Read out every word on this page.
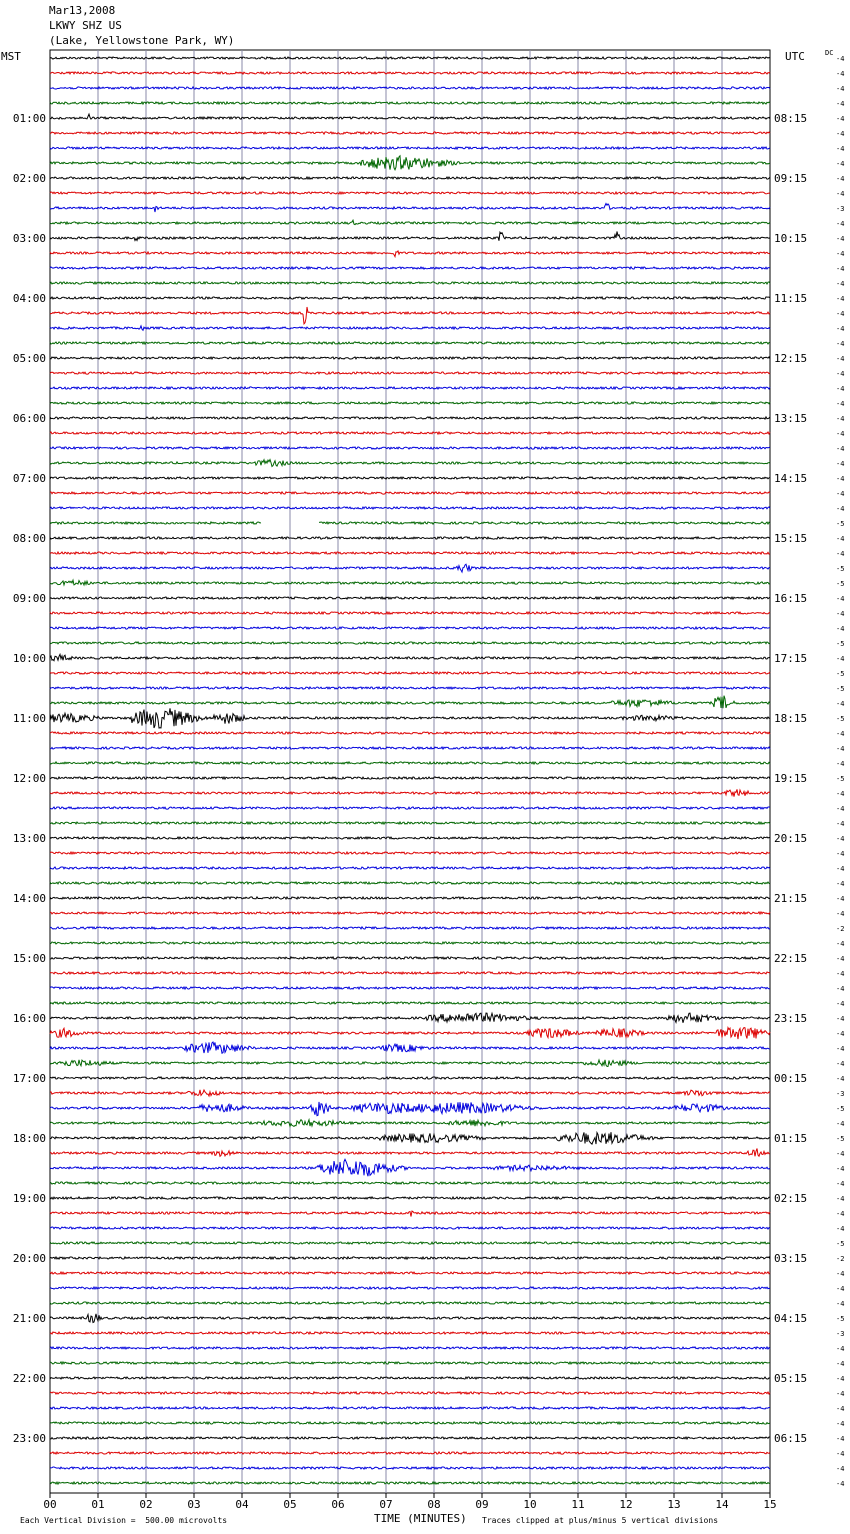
Mar13,2008
LKWY SHZ US
(Lake, Yellowstone Park, WY)
MST	UTC	DC
00	01	02	03	04	05	06	07	08	09	10	11	12	13	14	15
-4
-4
-4
-4
-4
-4
-4
-4
-4
-4
-3
-4
-4
-4
-4
-4
-4
-4
-4
-4
-4
-4
-4
-4
-4
-4
-4
-4
-4
-4
-4
-5
-4
-4
-5
-5
-4
-4
-4
-5
-4
-5
-5
-4
-5
-4
-4
-4
-5
-4
-4
-4
-4
-4
-4
-4
-4
-4
-2
-4
-4
-4
-4
-4
-4
-4
-4
-4
-4
-3
-5
-4
-5
-4
-4
-4
-4
-4
-4
-5
-2
-4
-4
-4
-5
-3
-4
-4
-4
-4
-4
-4
-4
-4
-4
-4
01:00	08:15
02:00	09:15
03:00	10:15
04:00	11:15
05:00	12:15
06:00	13:15
07:00	14:15
08:00	15:15
09:00	16:15
10:00	17:15
11:00	18:15
12:00	19:15
13:00	20:15
14:00	21:15
15:00	22:15
16:00	23:15
17:00	00:15
18:00	01:15
19:00	02:15
20:00	03:15
21:00	04:15
22:00	05:15
23:00	06:15
Each Vertical Division =  500.00 microvolts	TIME (MINUTES) Traces clipped at plus/minus 5 vertical divisions
